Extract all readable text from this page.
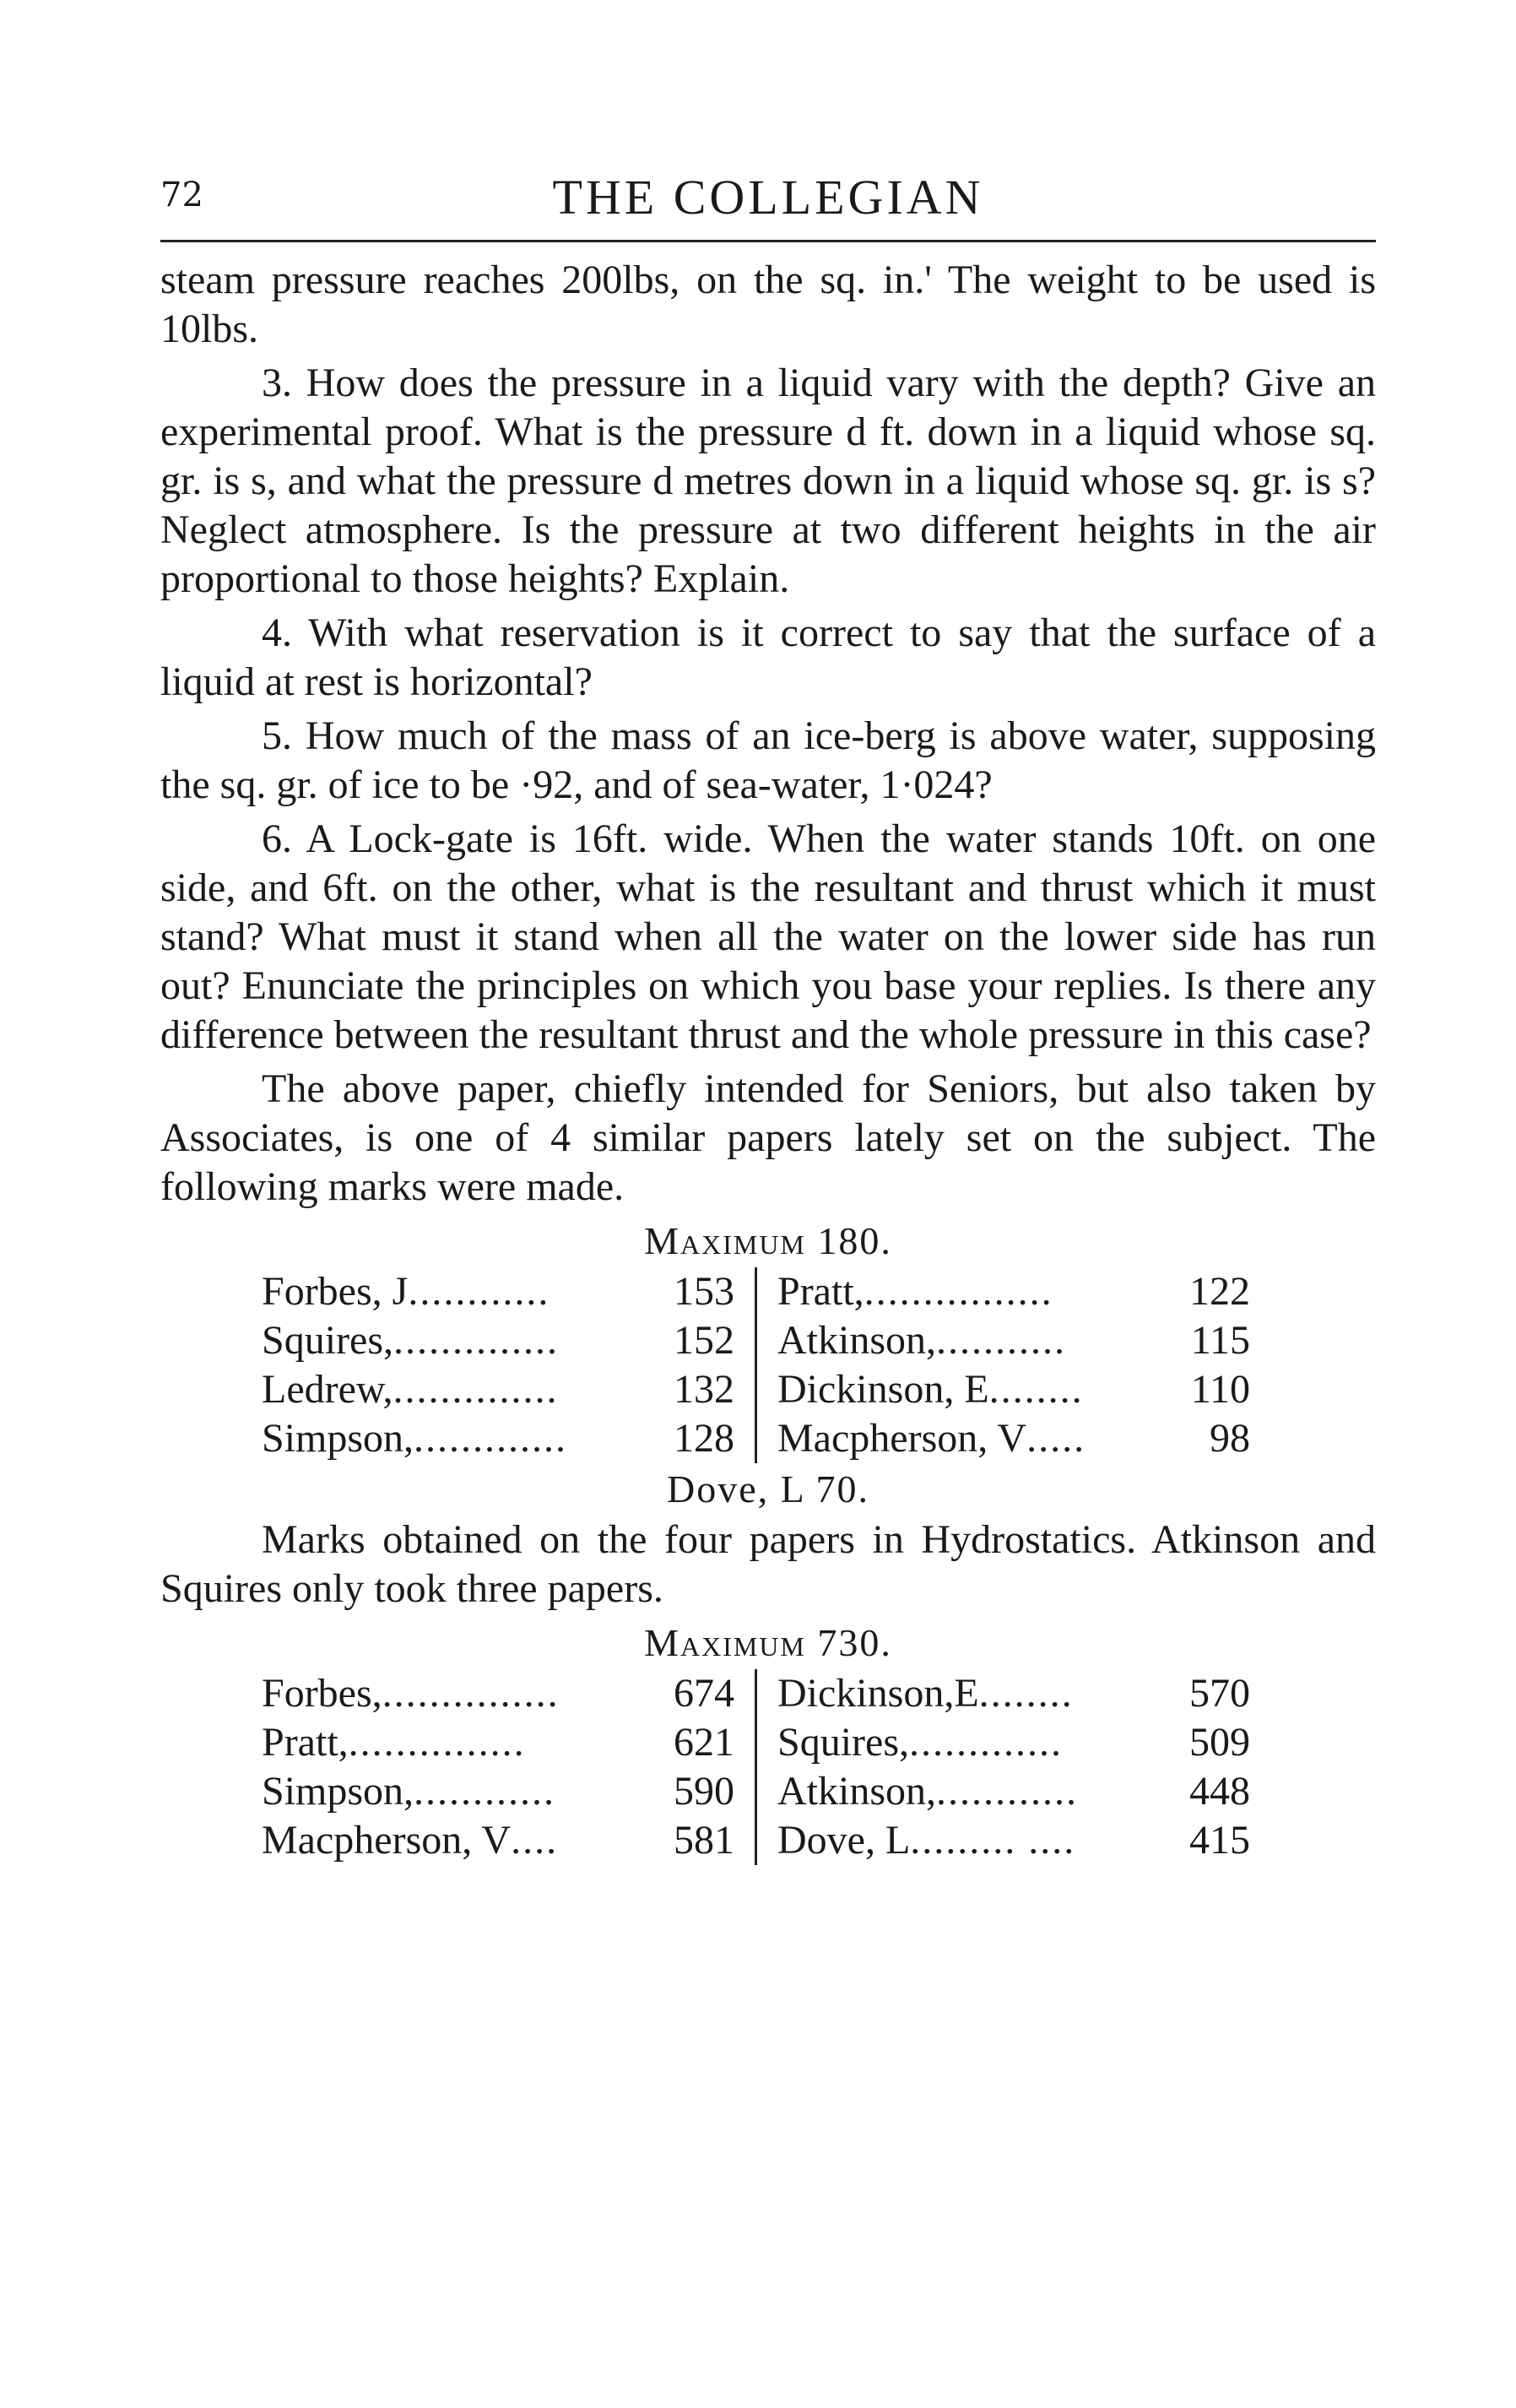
72	THE COLLEGIAN

steam pressure reaches 200lbs, on the sq. in.' The weight to be used is 10lbs.

3. How does the pressure in a liquid vary with the depth? Give an experimental proof. What is the pressure d ft. down in a liquid whose sq. gr. is s, and what the pressure d metres down in a liquid whose sq. gr. is s? Neglect atmosphere. Is the pressure at two different heights in the air proportional to those heights? Explain.

4. With what reservation is it correct to say that the surface of a liquid at rest is horizontal?

5. How much of the mass of an ice-berg is above water, supposing the sq. gr. of ice to be ·92, and of sea-water, 1·024?

6. A Lock-gate is 16ft. wide. When the water stands 10ft. on one side, and 6ft. on the other, what is the resultant and thrust which it must stand? What must it stand when all the water on the lower side has run out? Enunciate the principles on which you base your replies. Is there any difference between the resultant thrust and the whole pressure in this case?

The above paper, chiefly intended for Seniors, but also taken by Associates, is one of 4 similar papers lately set on the subject. The following marks were made.

Maximum 180.
Forbes, J............	153	Pratt,................	122
Squires,..............	152	Atkinson,...........	115
Ledrew,..............	132	Dickinson, E........	110
Simpson,.............	128	Macpherson, V.....	98
Dove, L 70.

Marks obtained on the four papers in Hydrostatics. Atkinson and Squires only took three papers.

Maximum 730.
Forbes,...............	674	Dickinson,E........	570
Pratt,...............	621	Squires,.............	509
Simpson,............	590	Atkinson,............	448
Macpherson, V....	581	Dove, L......... ....	415
